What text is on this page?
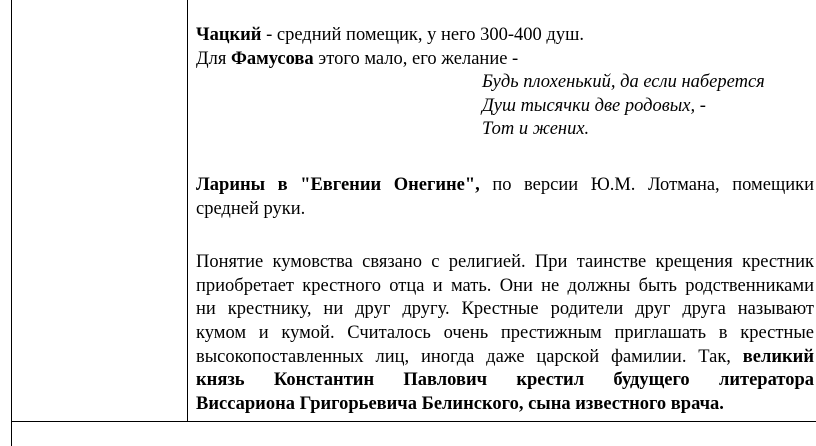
Чацкий - средний помещик, у него 300-400 душ.
Для Фамусова этого мало, его желание -
Будь плохенький, да если наберется
Душ тысячки две родовых, -
Тот и жених.
Ларины в "Евгении Онегине", по версии Ю.М. Лотмана, помещики
средней руки.
Понятие кумовства связано с религией. При таинстве крещения крестник
приобретает крестного отца и мать. Они не должны быть родственниками
ни крестнику, ни друг другу. Крестные родители друг друга называют
кумом и кумой. Считалось очень престижным приглашать в крестные
высокопоставленных лиц, иногда даже царской фамилии. Так, великий
князь Константин Павлович крестил будущего литератора
Виссариона Григорьевича Белинского, сына известного врача.
